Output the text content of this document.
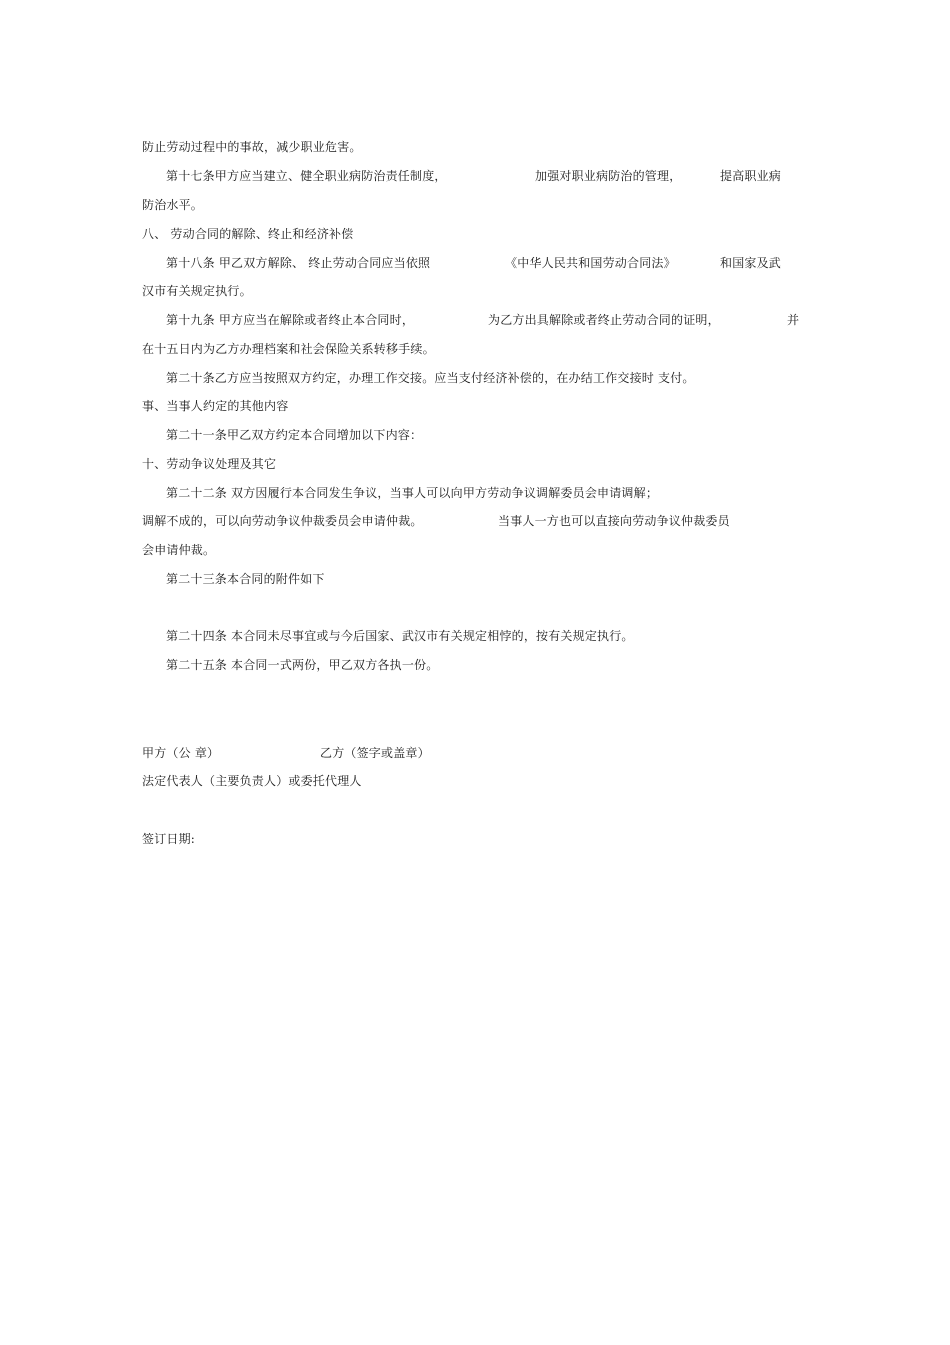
防止劳动过程中的事故，减少职业危害。
第十七条甲方应当建立、健全职业病防治责任制度，	加强对职业病防治的管理，	提高职业病
防治水平。
八、 劳动合同的解除、终止和经济补偿
第十八条 甲乙双方解除、 终止劳动合同应当依照	《中华人民共和国劳动合同法》	和国家及武
汉市有关规定执行。
第十九条 甲方应当在解除或者终止本合同时，	为乙方出具解除或者终止劳动合同的证明，	并
在十五日内为乙方办理档案和社会保险关系转移手续。
第二十条乙方应当按照双方约定，办理工作交接。应当支付经济补偿的，在办结工作交接时 支付。
事、当事人约定的其他内容
第二十一条甲乙双方约定本合同增加以下内容：
十、劳动争议处理及其它
第二十二条 双方因履行本合同发生争议，当事人可以向甲方劳动争议调解委员会申请调解；
调解不成的，可以向劳动争议仲裁委员会申请仲裁。	当事人一方也可以直接向劳动争议仲裁委员
会申请仲裁。
第二十三条本合同的附件如下
第二十四条 本合同未尽事宜或与今后国家、武汉市有关规定相悖的，按有关规定执行。
第二十五条 本合同一式两份，甲乙双方各执一份。
甲方（公 章）	乙方（签字或盖章）
法定代表人（主要负责人）或委托代理人
签订日期:
